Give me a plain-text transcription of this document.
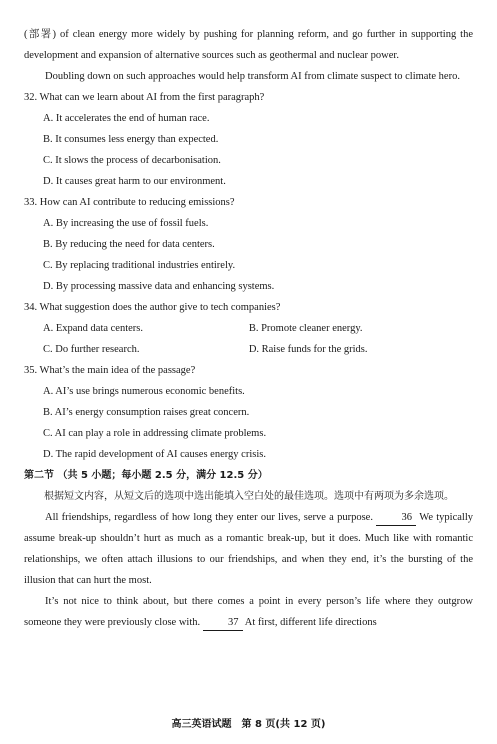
(部署) of clean energy more widely by pushing for planning reform, and go further in supporting the development and expansion of alternative sources such as geothermal and nuclear power.

Doubling down on such approaches would help transform AI from climate suspect to climate hero.

32. What can we learn about AI from the first paragraph?

A. It accelerates the end of human race.

B. It consumes less energy than expected.

C. It slows the process of decarbonisation.

D. It causes great harm to our environment.

33. How can AI contribute to reducing emissions?

A. By increasing the use of fossil fuels.

B. By reducing the need for data centers.

C. By replacing traditional industries entirely.

D. By processing massive data and enhancing systems.

34. What suggestion does the author give to tech companies?

A. Expand data centers.	B. Promote cleaner energy.
C. Do further research.	D. Raise funds for the grids.

35. What’s the main idea of the passage?

A. AI’s use brings numerous economic benefits.

B. AI’s energy consumption raises great concern.

C. AI can play a role in addressing climate problems.

D. The rapid development of AI causes energy crisis.

第二节 （共 5 小题；每小题 2.5 分，满分 12.5 分）

根据短文内容，从短文后的选项中选出能填入空白处的最佳选项。选项中有两项为多余选项。

All friendships, regardless of how long they enter our lives, serve a purpose.	36 We typically assume break-up shouldn’t hurt as much as a romantic break-up, but it does. Much like with romantic relationships, we often attach illusions to our friendships, and when they end, it’s the bursting of the illusion that can hurt the most.

It’s not nice to think about, but there comes a point in every person’s life where they outgrow someone they were previously close with.	37 At first, different life directions

高三英语试题　第 8 页(共 12 页)
